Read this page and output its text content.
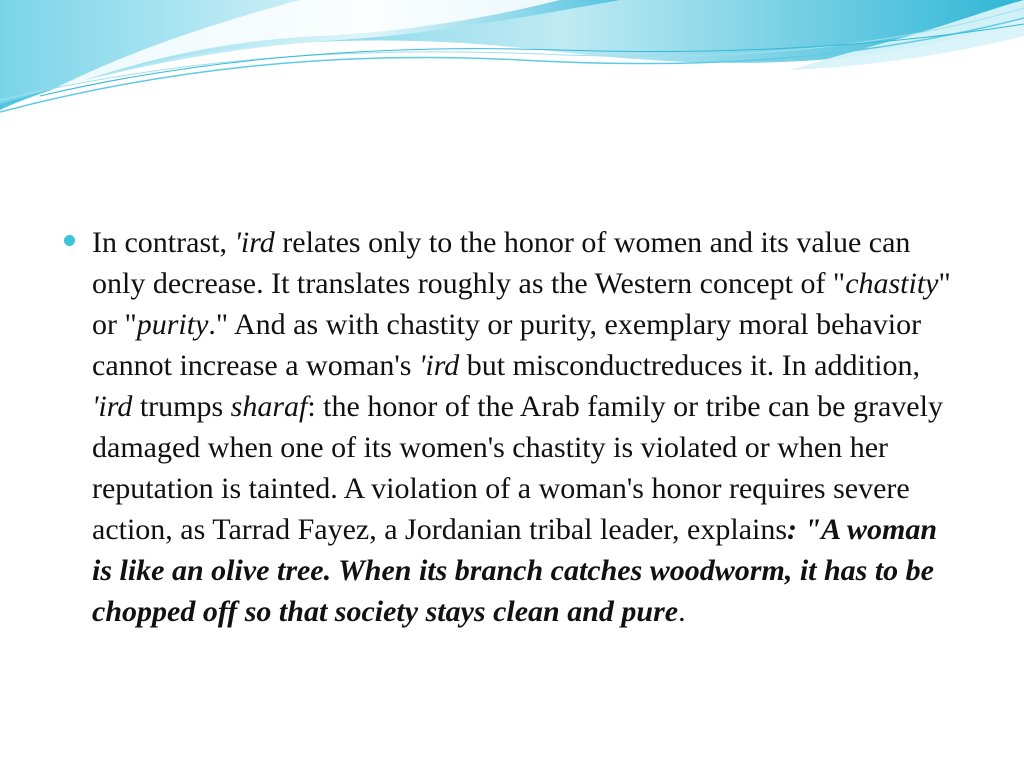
In contrast, 'ird relates only to the honor of women and its value can only decrease. It translates roughly as the Western concept of "chastity" or "purity." And as with chastity or purity, exemplary moral behavior cannot increase a woman's 'ird but misconductreduces it. In addition, 'ird trumps sharaf: the honor of the Arab family or tribe can be gravely damaged when one of its women's chastity is violated or when her reputation is tainted. A violation of a woman's honor requires severe action, as Tarrad Fayez, a Jordanian tribal leader, explains: "A woman is like an olive tree. When its branch catches woodworm, it has to be chopped off so that society stays clean and pure.
